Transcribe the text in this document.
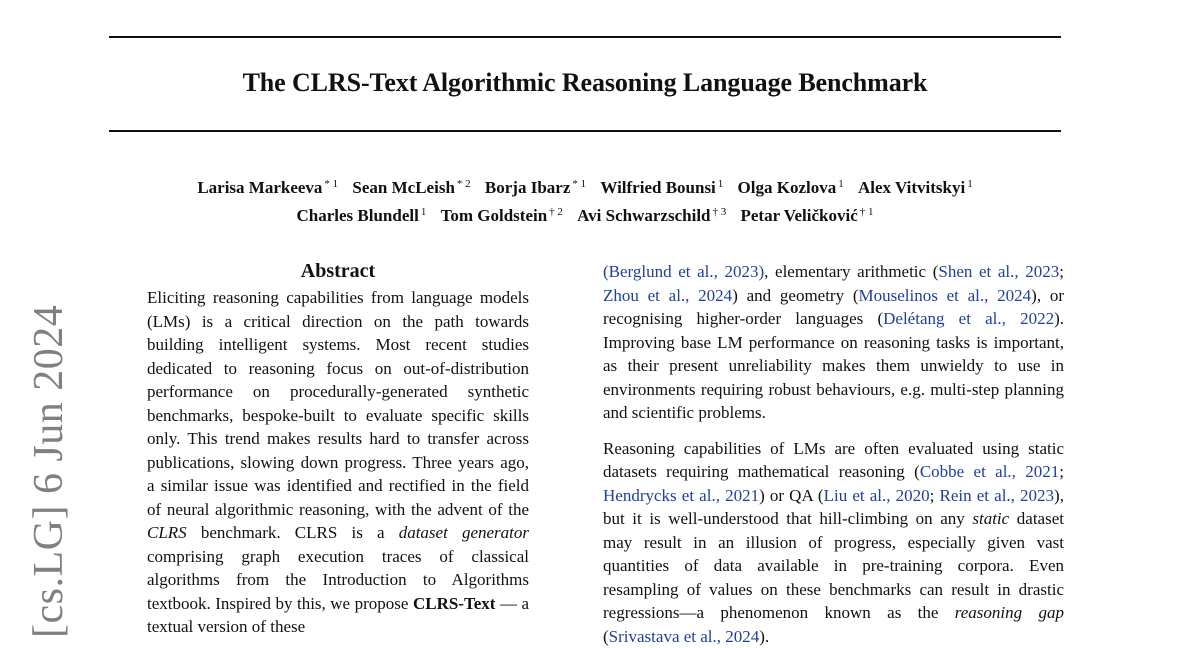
[cs.LG] 6 Jun 2024
The CLRS-Text Algorithmic Reasoning Language Benchmark
Larisa Markeeva $^{* 1}$ Sean McLeish $^{* 2}$ Borja Ibarz $^{* 1}$ Wilfried Bounsi $^1$ Olga Kozlova $^1$ Alex Vitvitskyi $^1$
Charles Blundell $^1$ Tom Goldstein $^{\dagger 2}$ Avi Schwarzschild $^{\dagger 3}$ Petar Veličković $^{\dagger 1}$
Abstract

Eliciting reasoning capabilities from language models (LMs) is a critical direction on the path towards building intelligent systems. Most recent studies dedicated to reasoning focus on out-of-distribution performance on procedurally-generated synthetic benchmarks, bespoke-built to evaluate specific skills only. This trend makes results hard to transfer across publications, slowing down progress. Three years ago, a similar issue was identified and rectified in the field of neural algorithmic reasoning, with the advent of the CLRS benchmark. CLRS is a dataset generator comprising graph execution traces of classical algorithms from the Introduction to Algorithms textbook. Inspired by this, we propose CLRS-Text — a textual version of these

(Berglund et al., 2023), elementary arithmetic (Shen et al., 2023; Zhou et al., 2024) and geometry (Mouselinos et al., 2024), or recognising higher-order languages (Delétang et al., 2022). Improving base LM performance on reasoning tasks is important, as their present unreliability makes them unwieldy to use in environments requiring robust behaviours, e.g. multi-step planning and scientific problems.

Reasoning capabilities of LMs are often evaluated using static datasets requiring mathematical reasoning (Cobbe et al., 2021; Hendrycks et al., 2021) or QA (Liu et al., 2020; Rein et al., 2023), but it is well-understood that hill-climbing on any static dataset may result in an illusion of progress, especially given vast quantities of data available in pre-training corpora. Even resampling of values on these benchmarks can result in drastic regressions—a phenomenon known as the reasoning gap (Srivastava et al., 2024).
